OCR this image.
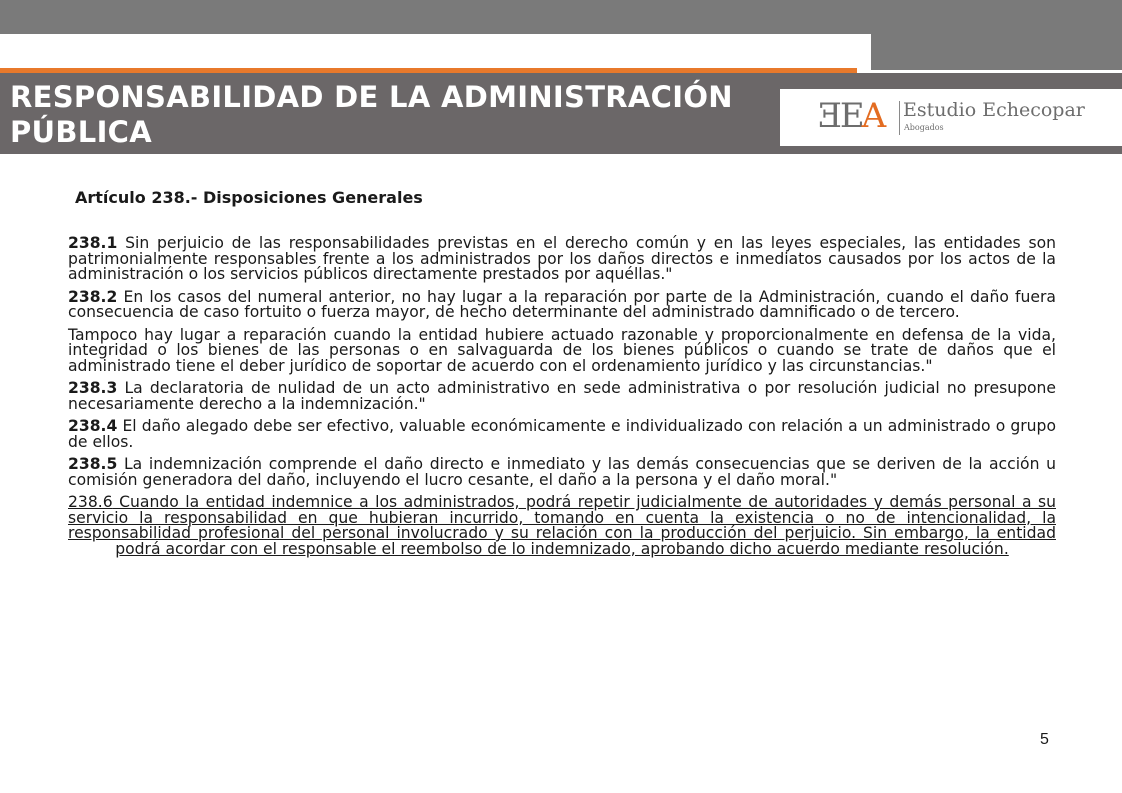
RESPONSABILIDAD DE LA ADMINISTRACIÓN
PÚBLICA	ƎEA Estudio Echecopar
Abogados
Artículo 238.- Disposiciones Generales

238.1 Sin perjuicio de las responsabilidades previstas en el derecho común y en las leyes especiales, las entidades son patrimonialmente responsables frente a los administrados por los daños directos e inmediatos causados por los actos de la administración o los servicios públicos directamente prestados por aquéllas."

238.2 En los casos del numeral anterior, no hay lugar a la reparación por parte de la Administración, cuando el daño fuera consecuencia de caso fortuito o fuerza mayor, de hecho determinante del administrado damnificado o de tercero.

Tampoco hay lugar a reparación cuando la entidad hubiere actuado razonable y proporcionalmente en defensa de la vida, integridad o los bienes de las personas o en salvaguarda de los bienes públicos o cuando se trate de daños que el administrado tiene el deber jurídico de soportar de acuerdo con el ordenamiento jurídico y las circunstancias."

238.3 La declaratoria de nulidad de un acto administrativo en sede administrativa o por resolución judicial no presupone necesariamente derecho a la indemnización."

238.4 El daño alegado debe ser efectivo, valuable económicamente e individualizado con relación a un administrado o grupo de ellos.

238.5 La indemnización comprende el daño directo e inmediato y las demás consecuencias que se deriven de la acción u comisión generadora del daño, incluyendo el lucro cesante, el daño a la persona y el daño moral."

238.6 Cuando la entidad indemnice a los administrados, podrá repetir judicialmente de autoridades y demás personal a su servicio la responsabilidad en que hubieran incurrido, tomando en cuenta la existencia o no de intencionalidad, la responsabilidad profesional del personal involucrado y su relación con la producción del perjuicio. Sin embargo, la entidad podrá acordar con el responsable el reembolso de lo indemnizado, aprobando dicho acuerdo mediante resolución.

5
